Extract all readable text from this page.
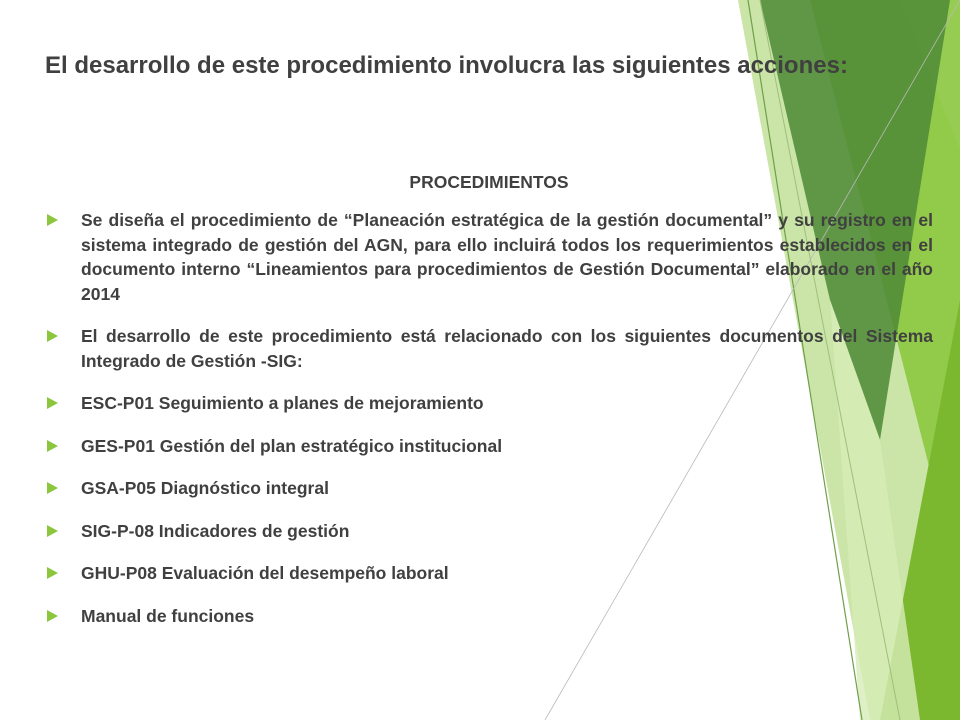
El desarrollo de este procedimiento involucra las siguientes acciones:

PROCEDIMIENTOS

Se diseña el procedimiento de “Planeación estratégica de la gestión documental” y su registro en el sistema integrado de gestión del AGN, para ello incluirá todos los requerimientos establecidos en el documento interno “Lineamientos para procedimientos de Gestión Documental” elaborado en el año 2014
El desarrollo de este procedimiento está relacionado con los siguientes documentos del Sistema Integrado de Gestión -SIG:
ESC-P01 Seguimiento a planes de mejoramiento
GES-P01 Gestión del plan estratégico institucional
GSA-P05 Diagnóstico integral
SIG-P-08 Indicadores de gestión
GHU-P08 Evaluación del desempeño laboral
Manual de funciones
